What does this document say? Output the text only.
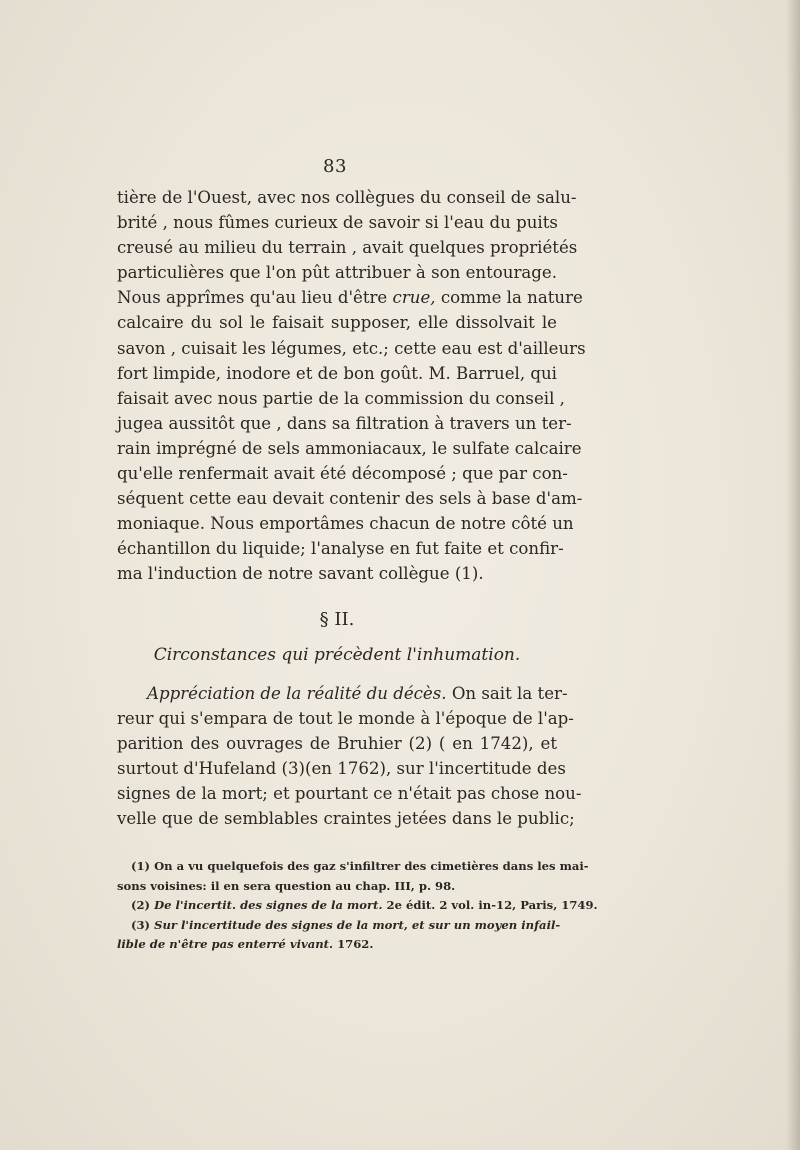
83
tière de l'Ouest, avec nos collègues du conseil de salu-
brité , nous fûmes curieux de savoir si l'eau du puits
creusé au milieu du terrain , avait quelques propriétés
particulières que l'on pût attribuer à son entourage.
Nous apprîmes qu'au lieu d'être crue, comme la nature
calcaire du sol le faisait supposer, elle dissolvait le
savon , cuisait les légumes, etc.; cette eau est d'ailleurs
fort limpide, inodore et de bon goût. M. Barruel, qui
faisait avec nous partie de la commission du conseil ,
jugea aussitôt que , dans sa filtration à travers un ter-
rain imprégné de sels ammoniacaux, le sulfate calcaire
qu'elle renfermait avait été décomposé ; que par con-
séquent cette eau devait contenir des sels à base d'am-
moniaque. Nous emportâmes chacun de notre côté un
échantillon du liquide; l'analyse en fut faite et confir-
ma l'induction de notre savant collègue (1).
§ II.
Circonstances qui précèdent l'inhumation.
Appréciation de la réalité du décès. On sait la ter-
reur qui s'empara de tout le monde à l'époque de l'ap-
parition des ouvrages de Bruhier (2) ( en 1742), et
surtout d'Hufeland (3)(en 1762), sur l'incertitude des
signes de la mort; et pourtant ce n'était pas chose nou-
velle que de semblables craintes jetées dans le public;
(1) On a vu quelquefois des gaz s'infiltrer des cimetières dans les mai-
sons voisines: il en sera question au chap. III, p. 98.
(2) De l'incertit. des signes de la mort. 2e édit. 2 vol. in-12, Paris, 1749.
(3) Sur l'incertitude des signes de la mort, et sur un moyen infail-
lible de n'être pas enterré vivant. 1762.
